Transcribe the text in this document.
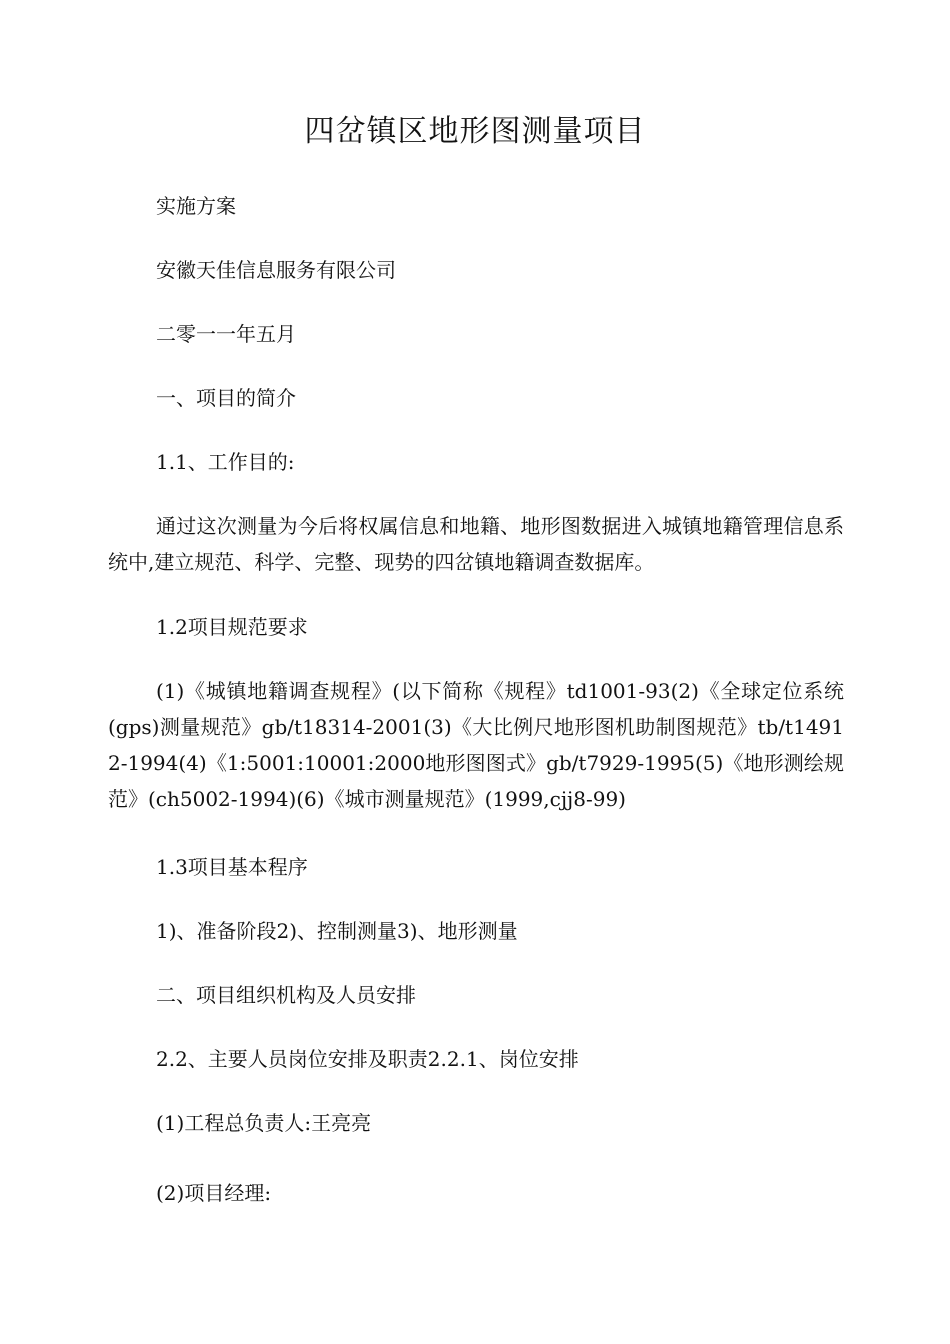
四岔镇区地形图测量项目

实施方案

安徽天佳信息服务有限公司

二零一一年五月

一、项目的简介

1.1、工作目的:

通过这次测量为今后将权属信息和地籍、地形图数据进入城镇地籍管理信息系统中,建立规范、科学、完整、现势的四岔镇地籍调查数据库。

1.2项目规范要求

(1)《城镇地籍调查规程》(以下简称《规程》td1001-93(2)《全球定位系统(gps)测量规范》gb/t18314-2001(3)《大比例尺地形图机助制图规范》tb/t14912-1994(4)《1:5001:10001:2000地形图图式》gb/t7929-1995(5)《地形测绘规范》(ch5002-1994)(6)《城市测量规范》(1999,cjj8-99)

1.3项目基本程序

1)、准备阶段2)、控制测量3)、地形测量

二、项目组织机构及人员安排

2.2、主要人员岗位安排及职责2.2.1、岗位安排

(1)工程总负责人:王亮亮

(2)项目经理:
